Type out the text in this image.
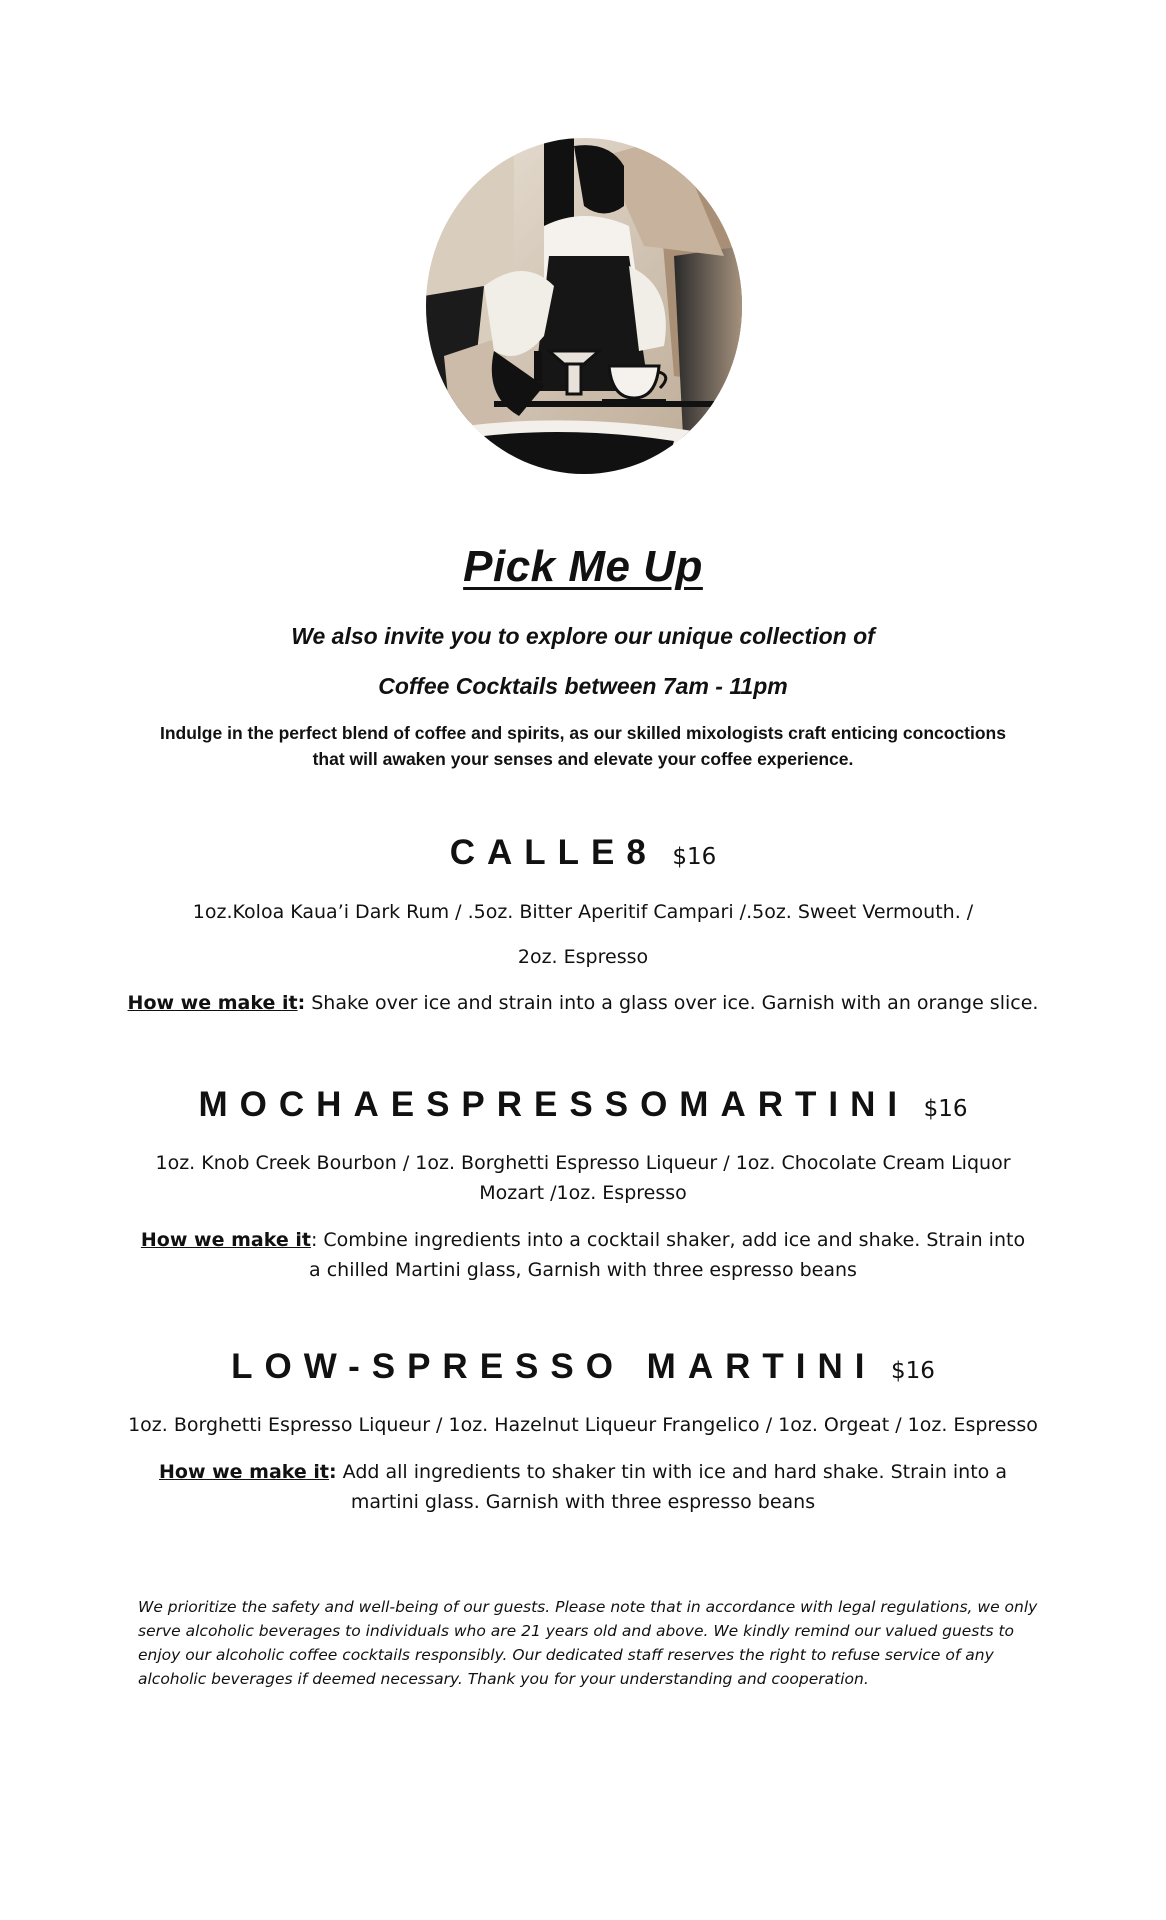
Pick Me Up
We also invite you to explore our unique collection of
Coffee Cocktails between 7am - 11pm
Indulge in the perfect blend of coffee and spirits, as our skilled mixologists craft enticing concoctions that will awaken your senses and elevate your coffee experience.
CALLE8 $16
1oz.Koloa Kaua’i Dark Rum / .5oz. Bitter Aperitif Campari /.5oz. Sweet Vermouth. /
2oz. Espresso
How we make it: Shake over ice and strain into a glass over ice. Garnish with an orange slice.
MOCHAESPRESSOMARTINI $16
1oz. Knob Creek Bourbon / 1oz. Borghetti Espresso Liqueur / 1oz. Chocolate Cream Liquor Mozart /1oz. Espresso
How we make it: Combine ingredients into a cocktail shaker, add ice and shake. Strain into a chilled Martini glass, Garnish with three espresso beans
LOW-SPRESSO MARTINI $16
1oz. Borghetti Espresso Liqueur / 1oz. Hazelnut Liqueur Frangelico / 1oz. Orgeat / 1oz. Espresso
How we make it: Add all ingredients to shaker tin with ice and hard shake. Strain into a martini glass. Garnish with three espresso beans
We prioritize the safety and well-being of our guests. Please note that in accordance with legal regulations, we only serve alcoholic beverages to individuals who are 21 years old and above. We kindly remind our valued guests to enjoy our alcoholic coffee cocktails responsibly. Our dedicated staff reserves the right to refuse service of any alcoholic beverages if deemed necessary. Thank you for your understanding and cooperation.
